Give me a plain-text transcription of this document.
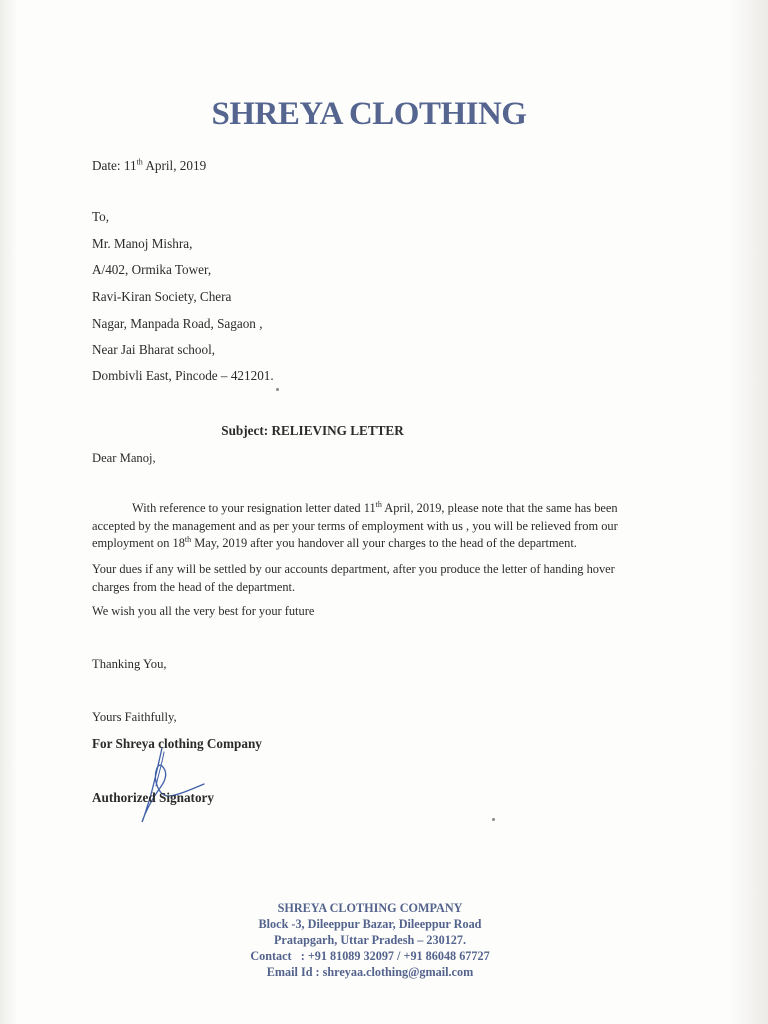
SHREYA CLOTHING
Date: 11th April, 2019
To,
Mr. Manoj Mishra,
A/402, Ormika Tower,
Ravi-Kiran Society, Chera
Nagar, Manpada Road, Sagaon ,
Near Jai Bharat school,
Dombivli East, Pincode – 421201.
Subject: RELIEVING LETTER
Dear Manoj,
With reference to your resignation letter dated 11th April, 2019, please note that the same has been accepted by the management and as per your terms of employment with us , you will be relieved from our employment on 18th May, 2019 after you handover all your charges to the head of the department.
Your dues if any will be settled by our accounts department, after you produce the letter of handing hover charges from the head of the department.
We wish you all the very best for your future
Thanking You,
Yours Faithfully,
For Shreya clothing Company
Authorized Signatory
SHREYA CLOTHING COMPANY
Block -3, Dileeppur Bazar, Dileeppur Road
Pratapgarh, Uttar Pradesh – 230127.
Contact   : +91 81089 32097 / +91 86048 67727
Email Id : shreyaa.clothing@gmail.com
